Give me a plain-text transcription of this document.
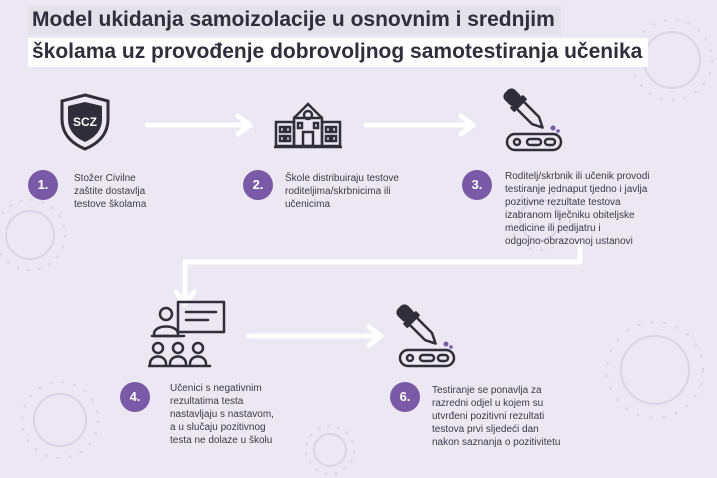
Model ukidanja samoizolacije u osnovnim i srednjim
školama uz provođenje dobrovoljnog samotestiranja učenika
SCZ
1.	2.	3.
4.	6.

Stožer Civilne
zaštite dostavlja
testove školama

Škole distribuiraju testove
roditeljima/skrbnicima ili
učenicima

Roditelj/skrbnik ili učenik provodi
testiranje jednaput tjedno i javlja
pozitivne rezultate testova
izabranom liječniku obiteljske
medicine ili pedijatru i
odgojno-obrazovnoj ustanovi

Učenici s negativnim
rezultatima testa
nastavljaju s nastavom,
a u slučaju pozitivnog
testa ne dolaze u školu

Testiranje se ponavlja za
razredni odjel u kojem su
utvrđeni pozitivni rezultati
testova prvi sljedeći dan
nakon saznanja o pozitivitetu
